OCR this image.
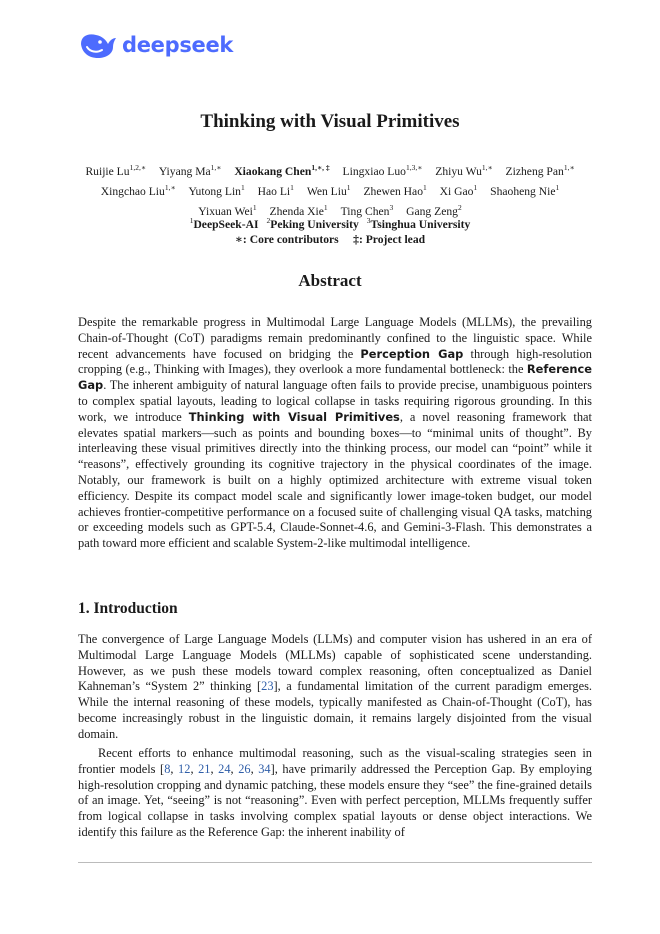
deepseek
Thinking with Visual Primitives
Ruijie $Lu^{1,2,∗}$ Yiyang $Ma^{1,∗}$ Xiaokang Chen$^{1,∗, \ddagger}$ Lingxiao Luo$^{1,3,∗}$ Zhiyu $Wu^{1,∗}$ Zizheng Pan$^{1,∗}$ Xingchao Liu$^{1,∗}$ Yutong Lin$^1$ Hao Li$^1$ Wen Liu$^1$ Zhewen Hao$^1$ Xi Gao$^1$ Shaoheng Nie$^1$ Yixuan Wei$^1$ Zhenda Xie$^1$ Ting Chen$^3$ Gang Zeng$^2$
$^1$DeepSeek-AI $^2$Peking University $^3$Tsinghua University
∗: Core contributors ‡: Project lead
Abstract

Despite the remarkable progress in Multimodal Large Language Models (MLLMs), the prevailing Chain-of-Thought (CoT) paradigms remain predominantly confined to the linguistic space. While recent advancements have focused on bridging the Perception Gap through high-resolution cropping (e.g., Thinking with Images), they overlook a more fundamental bottleneck: the Reference Gap. The inherent ambiguity of natural language often fails to provide precise, unambiguous pointers to complex spatial layouts, leading to logical collapse in tasks requiring rigorous grounding. In this work, we introduce Thinking with Visual Primitives, a novel reasoning framework that elevates spatial markers—such as points and bounding boxes—to “minimal units of thought”. By interleaving these visual primitives directly into the thinking process, our model can “point” while it “reasons”, effectively grounding its cognitive trajectory in the physical coordinates of the image. Notably, our framework is built on a highly optimized architecture with extreme visual token efficiency. Despite its compact model scale and significantly lower image-token budget, our model achieves frontier-competitive performance on a focused suite of challenging visual QA tasks, matching or exceeding models such as GPT-5.4, Claude-Sonnet-4.6, and Gemini-3-Flash. This demonstrates a path toward more efficient and scalable System-2-like multimodal intelligence.

1. Introduction

The convergence of Large Language Models (LLMs) and computer vision has ushered in an era of Multimodal Large Language Models (MLLMs) capable of sophisticated scene understanding. However, as we push these models toward complex reasoning, often conceptualized as Daniel Kahneman’s “System 2” thinking [23], a fundamental limitation of the current paradigm emerges. While the internal reasoning of these models, typically manifested as Chain-of-Thought (CoT), has become increasingly robust in the linguistic domain, it remains largely disjointed from the visual domain.

Recent efforts to enhance multimodal reasoning, such as the visual-scaling strategies seen in frontier models [8, 12, 21, 24, 26, 34], have primarily addressed the Perception Gap. By employing high-resolution cropping and dynamic patching, these models ensure they “see” the fine-grained details of an image. Yet, “seeing” is not “reasoning”. Even with perfect perception, MLLMs frequently suffer from logical collapse in tasks involving complex spatial layouts or dense object interactions. We identify this failure as the Reference Gap: the inherent inability of
